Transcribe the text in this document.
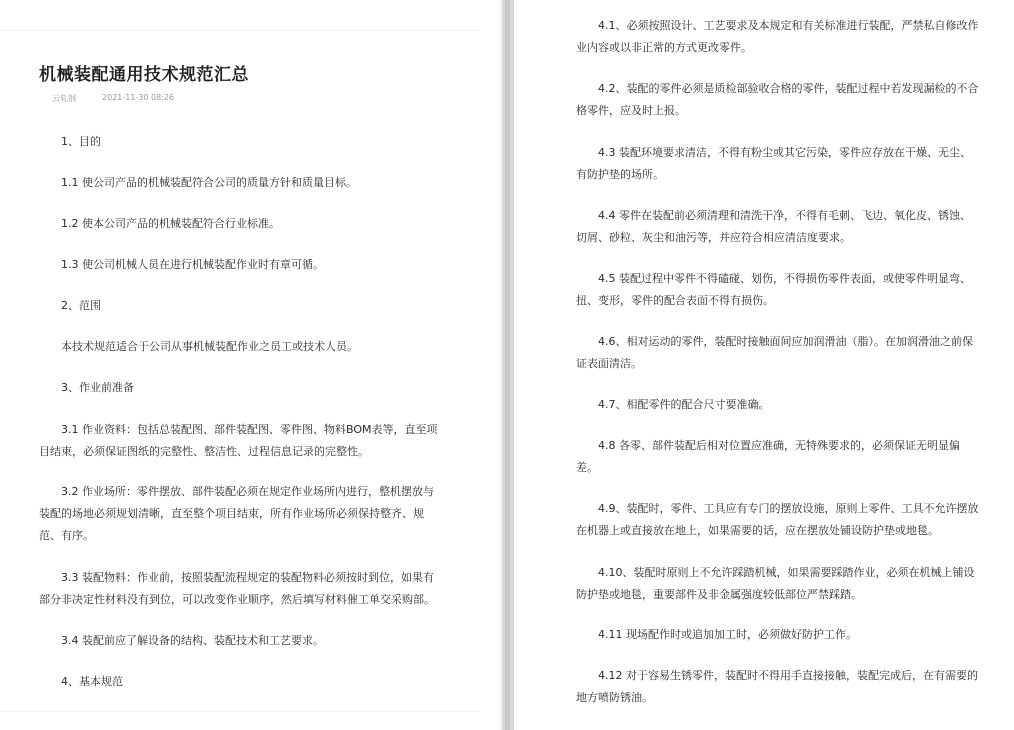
机械装配通用技术规范汇总
云轧钢	2021-11-30 08:26

1、目的

1.1 使公司产品的机械装配符合公司的质量方针和质量目标。

1.2 使本公司产品的机械装配符合行业标准。

1.3 使公司机械人员在进行机械装配作业时有章可循。

2、范围

本技术规范适合于公司从事机械装配作业之员工或技术人员。

3、作业前准备

3.1 作业资料：包括总装配图、部件装配图、零件图、物料BOM表等，直至项目结束，必须保证图纸的完整性、整洁性、过程信息记录的完整性。

3.2 作业场所：零件摆放、部件装配必须在规定作业场所内进行，整机摆放与装配的场地必须规划清晰，直至整个项目结束，所有作业场所必须保持整齐、规范、有序。

3.3 装配物料：作业前，按照装配流程规定的装配物料必须按时到位，如果有部分非决定性材料没有到位，可以改变作业顺序，然后填写材料催工单交采购部。

3.4 装配前应了解设备的结构、装配技术和工艺要求。

4、基本规范

4.1、必须按照设计、工艺要求及本规定和有关标准进行装配，严禁私自修改作业内容或以非正常的方式更改零件。

4.2、装配的零件必须是质检部验收合格的零件，装配过程中若发现漏检的不合格零件，应及时上报。

4.3 装配环境要求清洁，不得有粉尘或其它污染，零件应存放在干燥、无尘、有防护垫的场所。

4.4 零件在装配前必须清理和清洗干净，不得有毛刺、飞边、氧化皮、锈蚀、切屑、砂粒、灰尘和油污等，并应符合相应清洁度要求。

4.5 装配过程中零件不得磕碰、划伤，不得损伤零件表面，或使零件明显弯、扭、变形，零件的配合表面不得有损伤。

4.6、相对运动的零件，装配时接触面间应加润滑油（脂）。在加润滑油之前保证表面清洁。

4.7、相配零件的配合尺寸要准确。

4.8 各零、部件装配后相对位置应准确，无特殊要求的，必须保证无明显偏差。

4.9、装配时，零件、工具应有专门的摆放设施，原则上零件、工具不允许摆放在机器上或直接放在地上，如果需要的话，应在摆放处铺设防护垫或地毯。

4.10、装配时原则上不允许踩踏机械，如果需要踩踏作业，必须在机械上铺设防护垫或地毯，重要部件及非金属强度较低部位严禁踩踏。

4.11 现场配作时或追加加工时，必须做好防护工作。

4.12 对于容易生锈零件，装配时不得用手直接接触，装配完成后，在有需要的地方喷防锈油。
